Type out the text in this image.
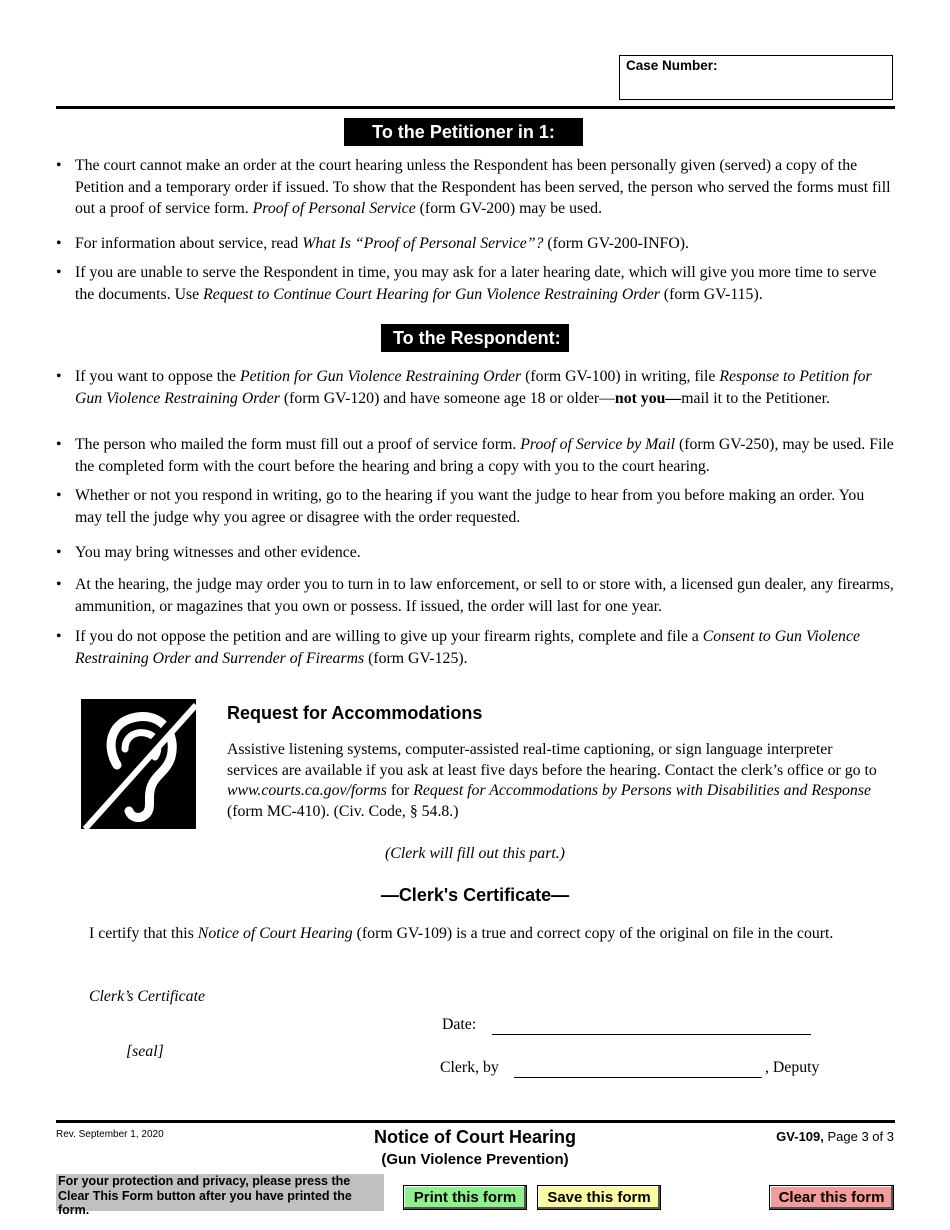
Case Number:
To the Petitioner in 1:
• The court cannot make an order at the court hearing unless the Respondent has been personally given (served) a copy of the Petition and a temporary order if issued. To show that the Respondent has been served, the person who served the forms must fill out a proof of service form. Proof of Personal Service (form GV-200) may be used.
• For information about service, read What Is “Proof of Personal Service”? (form GV-200-INFO).
• If you are unable to serve the Respondent in time, you may ask for a later hearing date, which will give you more time to serve the documents. Use Request to Continue Court Hearing for Gun Violence Restraining Order (form GV-115).
To the Respondent:
• If you want to oppose the Petition for Gun Violence Restraining Order (form GV-100) in writing, file Response to Petition for Gun Violence Restraining Order (form GV-120) and have someone age 18 or older—not you—mail it to the Petitioner.
• The person who mailed the form must fill out a proof of service form. Proof of Service by Mail (form GV-250), may be used. File the completed form with the court before the hearing and bring a copy with you to the court hearing.
• Whether or not you respond in writing, go to the hearing if you want the judge to hear from you before making an order. You may tell the judge why you agree or disagree with the order requested.
• You may bring witnesses and other evidence.
• At the hearing, the judge may order you to turn in to law enforcement, or sell to or store with, a licensed gun dealer, any firearms, ammunition, or magazines that you own or possess. If issued, the order will last for one year.
• If you do not oppose the petition and are willing to give up your firearm rights, complete and file a Consent to Gun Violence Restraining Order and Surrender of Firearms (form GV-125).
Request for Accommodations
Assistive listening systems, computer-assisted real-time captioning, or sign language interpreter services are available if you ask at least five days before the hearing. Contact the clerk’s office or go to www.courts.ca.gov/forms for Request for Accommodations by Persons with Disabilities and Response (form MC-410). (Civ. Code, § 54.8.)
(Clerk will fill out this part.)
—Clerk's Certificate—
I certify that this Notice of Court Hearing (form GV-109) is a true and correct copy of the original on file in the court.
Clerk’s Certificate
[seal]
Date:
Clerk, by	, Deputy
Rev. September 1, 2020	Notice of Court Hearing
(Gun Violence Prevention)
GV-109, Page 3 of 3
For your protection and privacy, please press the Clear This Form button after you have printed the form.
Print this form	Save this form	Clear this form
